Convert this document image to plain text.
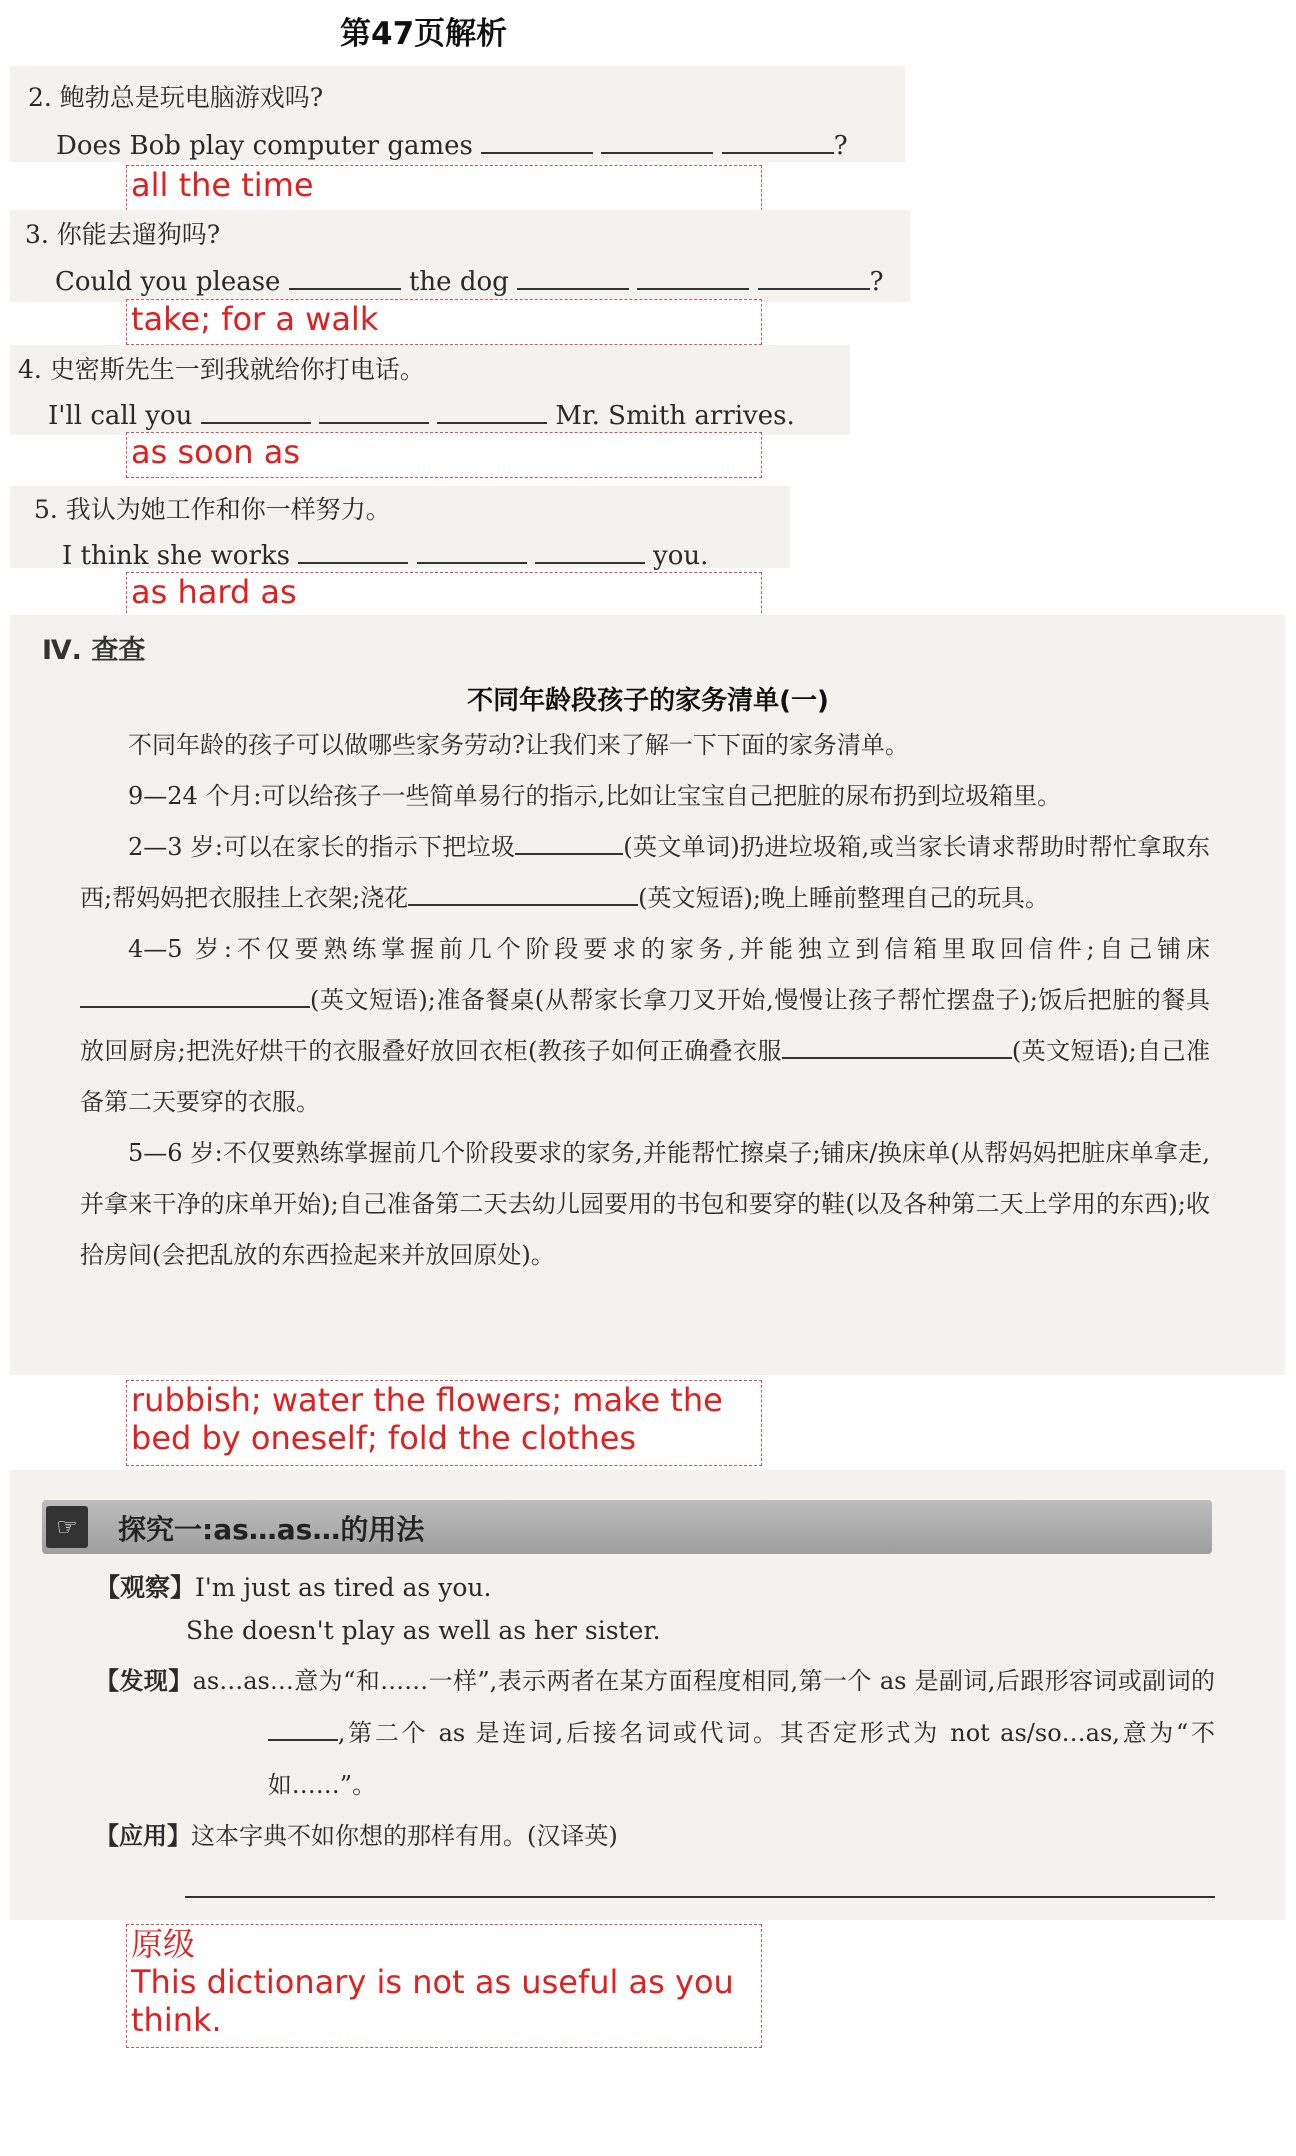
第47页解析
2. 鲍勃总是玩电脑游戏吗?
Does Bob play computer games	?
all the time
3. 你能去遛狗吗?
Could you please	the dog	?
take; for a walk
4. 史密斯先生一到我就给你打电话。
I'll call you	Mr. Smith arrives.
as soon as
5. 我认为她工作和你一样努力。
I think she works	you.
as hard as
Ⅳ. 查查
不同年龄段孩子的家务清单(一)

不同年龄的孩子可以做哪些家务劳动?让我们来了解一下下面的家务清单。

9—24 个月:可以给孩子一些简单易行的指示,比如让宝宝自己把脏的尿布扔到垃圾箱里。

2—3 岁:可以在家长的指示下把垃圾	(英文单词)扔进垃圾箱,或当家长请求帮助时帮忙拿取东西;帮妈妈把衣服挂上衣架;浇花	(英文短语);晚上睡前整理自己的玩具。

4—5 岁:不仅要熟练掌握前几个阶段要求的家务,并能独立到信箱里取回信件;自己铺床(英文短语);准备餐桌(从帮家长拿刀叉开始,慢慢让孩子帮忙摆盘子);饭后把脏的餐具放回厨房;把洗好烘干的衣服叠好放回衣柜(教孩子如何正确叠衣服	(英文短语);自己准备第二天要穿的衣服。

5—6 岁:不仅要熟练掌握前几个阶段要求的家务,并能帮忙擦桌子;铺床/换床单(从帮妈妈把脏床单拿走,并拿来干净的床单开始);自己准备第二天去幼儿园要用的书包和要穿的鞋(以及各种第二天上学用的东西);收拾房间(会把乱放的东西捡起来并放回原处)。

rubbish; water the flowers; make the bed by oneself; fold the clothes
☞	探究一:as…as…的用法
【观察】I'm just as tired as you.
She doesn't play as well as her sister.
【发现】as…as…意为“和……一样”,表示两者在某方面程度相同,第一个 as 是副词,后跟形容词或副词的,第二个 as 是连词,后接名词或代词。其否定形式为 not as/so…as,意为“不如……”。
【应用】这本字典不如你想的那样有用。(汉译英)
原级
This dictionary is not as useful as you think.
